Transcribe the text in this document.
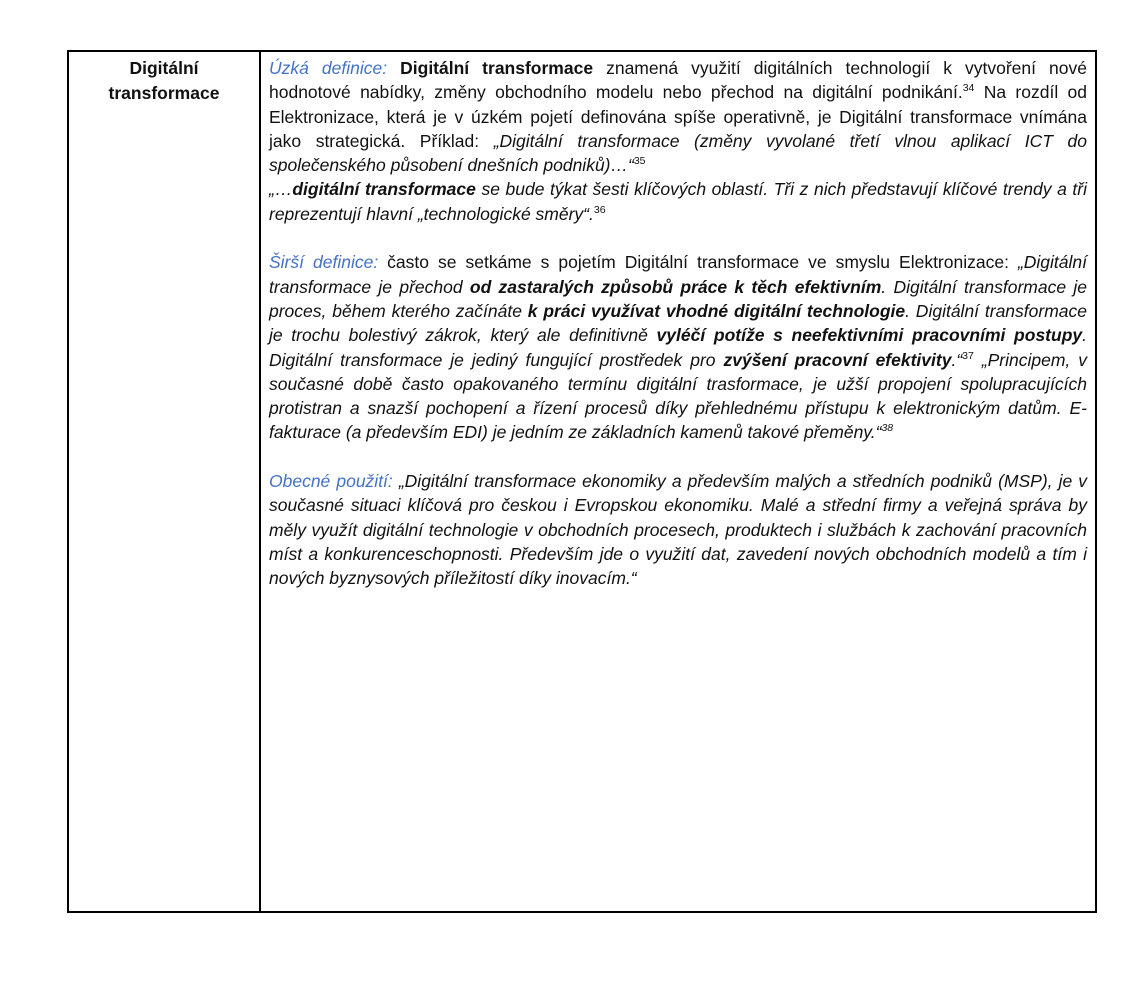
Digitální
transformace

Úzká definice: Digitální transformace znamená využití digitálních technologií k vytvoření nové hodnotové nabídky, změny obchodního modelu nebo přechod na digitální podnikání.$^{34}$ Na rozdíl od Elektronizace, která je v úzkém pojetí definována spíše operativně, je Digitální transformace vnímána jako strategická. Příklad: „Digitální transformace (změny vyvolané třetí vlnou aplikací ICT do společenského působení dnešních podniků)…“$^{35}$

„…digitální transformace se bude týkat šesti klíčových oblastí. Tři z nich představují klíčové trendy a tři reprezentují hlavní „technologické směry“.$^{36}$

Širší definice: často se setkáme s pojetím Digitální transformace ve smyslu Elektronizace: „Digitální transformace je přechod od zastaralých způsobů práce k těch efektivním. Digitální transformace je proces, během kterého začínáte k práci využívat vhodné digitální technologie. Digitální transformace je trochu bolestivý zákrok, který ale definitivně vyléčí potíže s neefektivními pracovními postupy. Digitální transformace je jediný fungující prostředek pro zvýšení pracovní efektivity.“$^{37}$ „Principem, v současné době často opakovaného termínu digitální trasformace, je užší propojení spolupracujících protistran a snazší pochopení a řízení procesů díky přehlednému přístupu k elektronickým datům. E-fakturace (a především EDI) je jedním ze základních kamenů takové přeměny.“$^{38}$

Obecné použití: „Digitální transformace ekonomiky a především malých a středních podniků (MSP), je v současné situaci klíčová pro českou i Evropskou ekonomiku. Malé a střední firmy a veřejná správa by měly využít digitální technologie v obchodních procesech, produktech i službách k zachování pracovních míst a konkurenceschopnosti. Především jde o využití dat, zavedení nových obchodních modelů a tím i nových byznysových příležitostí díky inovacím.“
